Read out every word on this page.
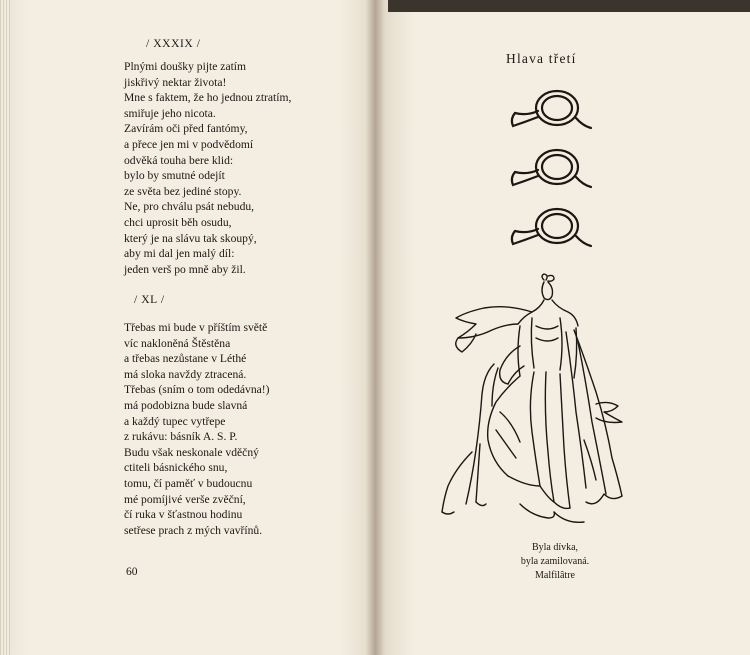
/ XXXIX /
Plnými doušky pijte zatím
jiskřivý nektar života!
Mne s faktem, že ho jednou ztratím,
smiřuje jeho nicota.
Zavírám oči před fantómy,
a přece jen mi v podvědomí
odvěká touha bere klid:
bylo by smutné odejít
ze světa bez jediné stopy.
Ne, pro chválu psát nebudu,
chci uprosit běh osudu,
který je na slávu tak skoupý,
aby mi dal jen malý díl:
jeden verš po mně aby žil.
/ XL /
Třebas mi bude v příštím světě
víc nakloněná Štěstěna
a třebas nezůstane v Léthé
má sloka navždy ztracená.
Třebas (sním o tom odedávna!)
má podobizna bude slavná
a každý tupec vytřepe
z rukávu: básník A. S. P.
Budu však neskonale vděčný
ctiteli básnického snu,
tomu, čí paměť v budoucnu
mé pomíjivé verše zvěční,
čí ruka v šťastnou hodinu
setřese prach z mých vavřínů.
60
Hlava třetí
Byla dívka,
byla zamilovaná.
Malfilâtre
